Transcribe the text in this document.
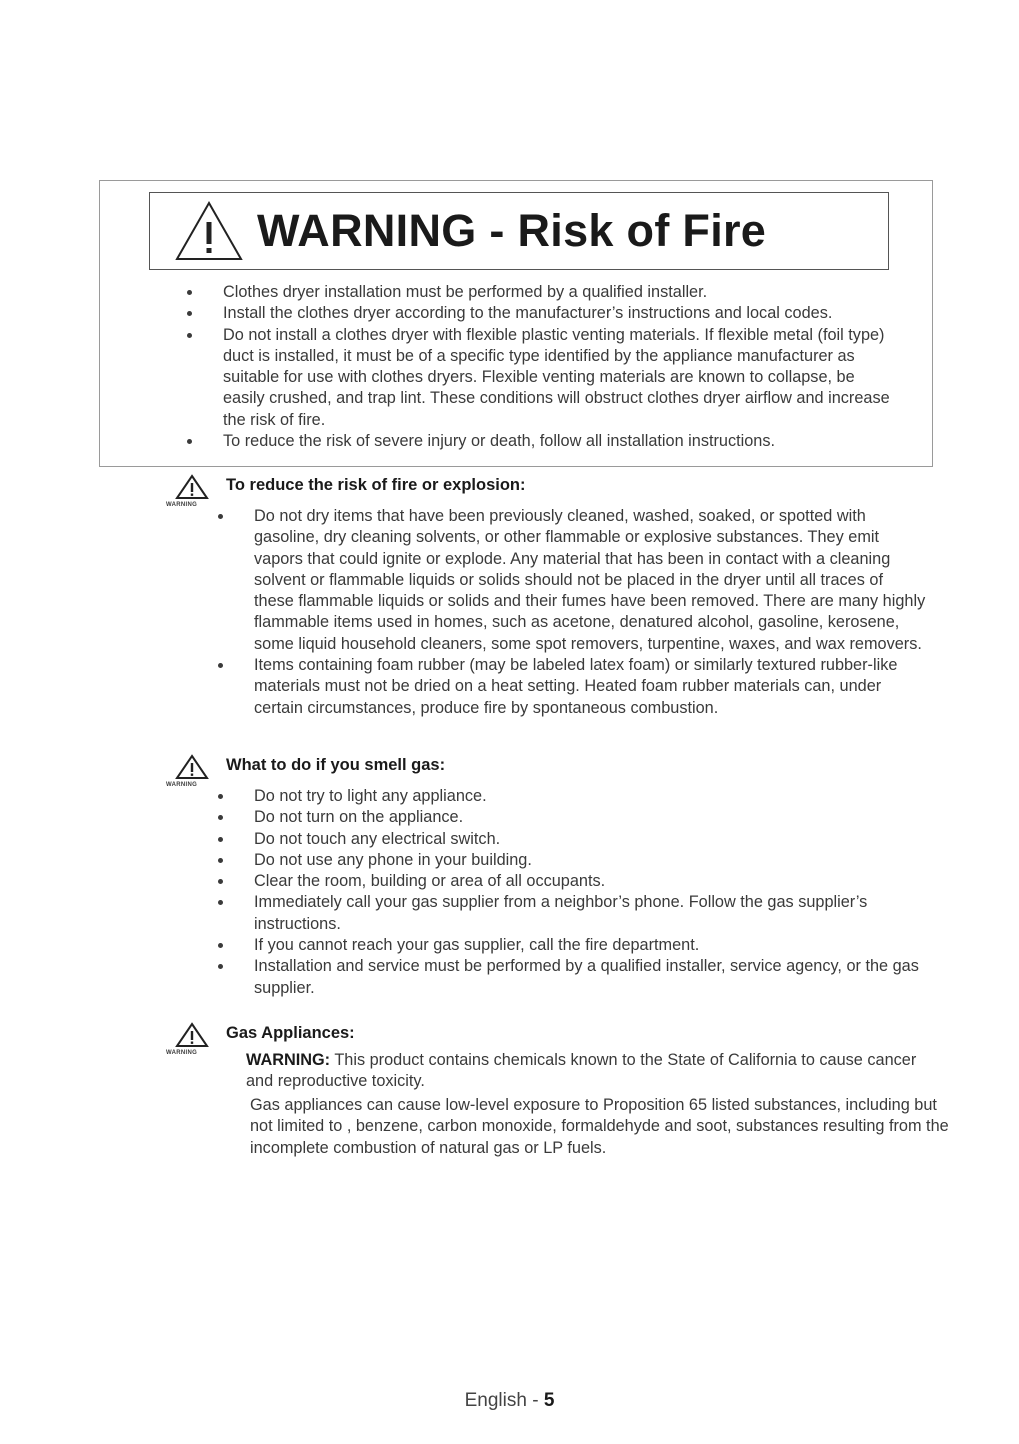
WARNING - Risk of Fire
Clothes dryer installation must be performed by a qualified installer.
Install the clothes dryer according to the manufacturer’s instructions and local codes.
Do not install a clothes dryer with flexible plastic venting materials. If flexible metal (foil type) duct is installed, it must be of a specific type identified by the appliance manufacturer as suitable for use with clothes dryers. Flexible venting materials are known to collapse, be easily crushed, and trap lint. These conditions will obstruct clothes dryer airflow and increase the risk of fire.
To reduce the risk of severe injury or death, follow all installation instructions.
WARNING
To reduce the risk of fire or explosion:
Do not dry items that have been previously cleaned, washed, soaked, or spotted with gasoline, dry cleaning solvents, or other flammable or explosive substances. They emit vapors that could ignite or explode. Any material that has been in contact with a cleaning solvent or flammable liquids or solids should not be placed in the dryer until all traces of these flammable liquids or solids and their fumes have been removed. There are many highly flammable items used in homes, such as acetone, denatured alcohol, gasoline, kerosene, some liquid household cleaners, some spot removers, turpentine, waxes, and wax removers.
Items containing foam rubber (may be labeled latex foam) or similarly textured rubber-like materials must not be dried on a heat setting. Heated foam rubber materials can, under certain circumstances, produce fire by spontaneous combustion.
WARNING
What to do if you smell gas:
Do not try to light any appliance.
Do not turn on the appliance.
Do not touch any electrical switch.
Do not use any phone in your building.
Clear the room, building or area of all occupants.
Immediately call your gas supplier from a neighbor’s phone. Follow the gas supplier’s instructions.
If you cannot reach your gas supplier, call the fire department.
Installation and service must be performed by a qualified installer, service agency, or the gas supplier.
WARNING
Gas Appliances:
WARNING: This product contains chemicals known to the State of California to cause cancer and reproductive toxicity.
Gas appliances can cause low-level exposure to Proposition 65 listed substances, including but not limited to , benzene, carbon monoxide, formaldehyde and soot, substances resulting from the incomplete combustion of natural gas or LP fuels.
English - 5
